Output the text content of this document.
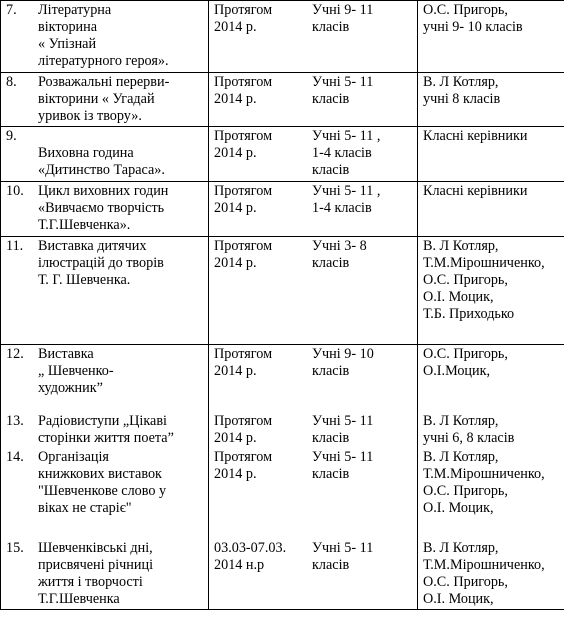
7.	Літературна
вікторина
« Упізнай
літературного героя».	Протягом
2014 р.	Учні 9- 11
класів	О.С. Пригорь,
учні 9- 10 класів

8.	Розважальні перерви-
вікторини « Угадай
уривок із твору».	Протягом
2014 р.	Учні 5- 11
класів	В. Л Котляр,
учні 8 класів

9.	
Виховна година
«Дитинство Тараса».	Протягом
2014 р.	Учні 5- 11 ,
1-4 класів
класів	Класні керівники

10.	Цикл виховних годин
«Вивчаємо творчість
Т.Г.Шевченка».	Протягом
2014 р.	Учні 5- 11 ,
1-4 класів	Класні керівники

11.	Виставка дитячих
ілюстрацій до творів
Т. Г. Шевченка.	Протягом
2014 р.	Учні 3- 8
класів	В. Л Котляр,
Т.М.Мірошниченко,
О.С. Пригорь,
О.І. Моцик,
Т.Б. Приходько

12.	Виставка
„ Шевченко-
художник”	Протягом
2014 р.	Учні 9- 10
класів	О.С. Пригорь,
О.І.Моцик,

13.	Радіовиступи „Цікаві
сторінки життя поета”	Протягом
2014 р.	Учні 5- 11
класів	В. Л Котляр,
учні 6, 8 класів

14.	Організація
книжкових виставок
"Шевченкове слово у
віках не старіє"	Протягом
2014 р.	Учні 5- 11
класів	В. Л Котляр,
Т.М.Мірошниченко,
О.С. Пригорь,
О.І. Моцик,

15.	Шевченківські дні,
присвячені річниці
життя і творчості
Т.Г.Шевченка	03.03-07.03.
2014 н.р	Учні 5- 11
класів	В. Л Котляр,
Т.М.Мірошниченко,
О.С. Пригорь,
О.І. Моцик,
